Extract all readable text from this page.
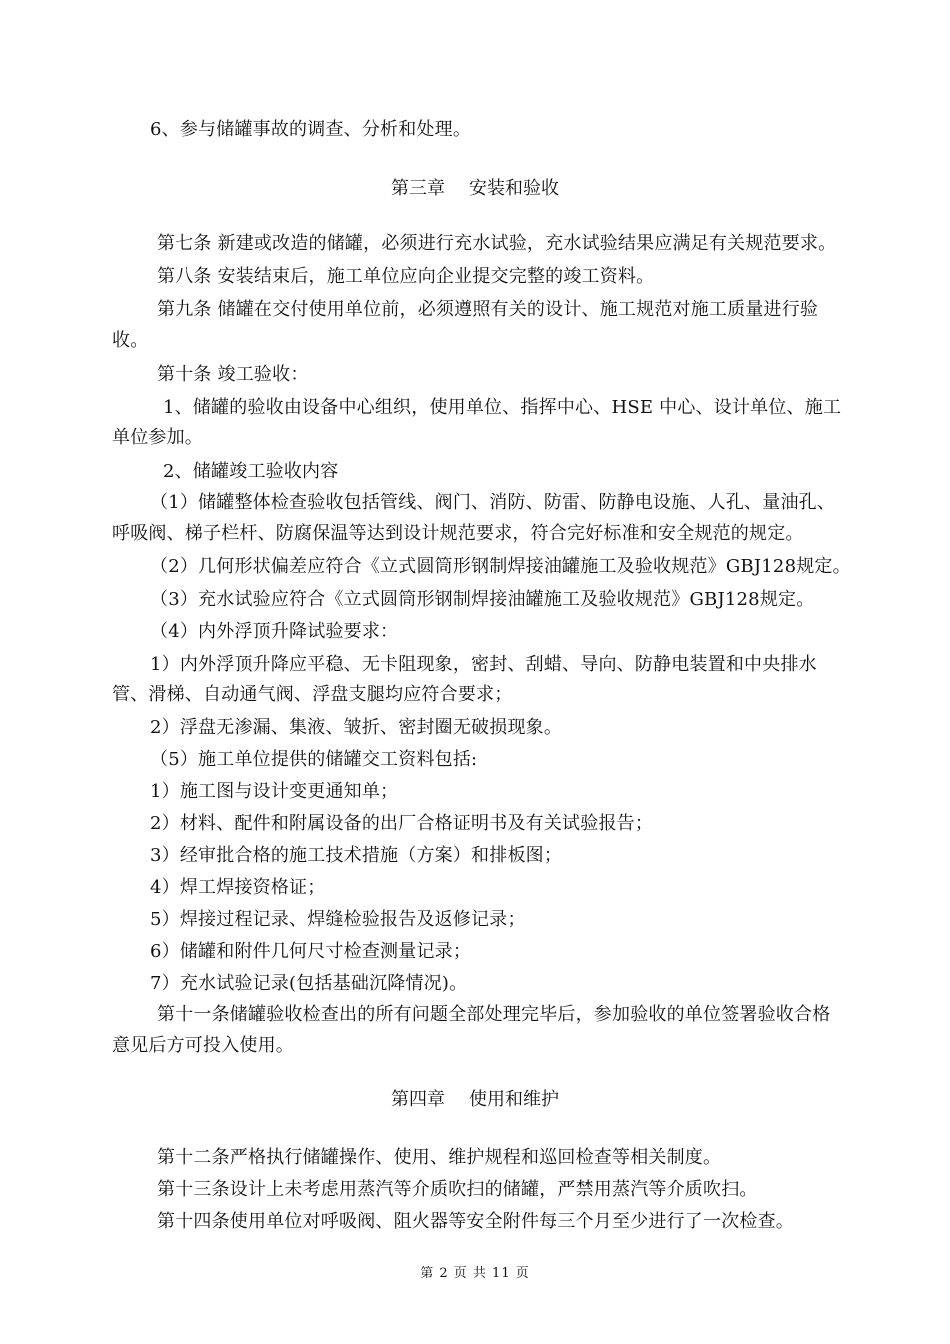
6、参与储罐事故的调查、分析和处理。
第三章 安装和验收
第七条 新建或改造的储罐，必须进行充水试验，充水试验结果应满足有关规范要求。
第八条 安装结束后，施工单位应向企业提交完整的竣工资料。
第九条 储罐在交付使用单位前，必须遵照有关的设计、施工规范对施工质量进行验
收。
第十条 竣工验收：
1、储罐的验收由设备中心组织，使用单位、指挥中心、HSE 中心、设计单位、施工
单位参加。
2、储罐竣工验收内容
（1）储罐整体检查验收包括管线、阀门、消防、防雷、防静电设施、人孔、量油孔、
呼吸阀、梯子栏杆、防腐保温等达到设计规范要求，符合完好标准和安全规范的规定。
（2）几何形状偏差应符合《立式圆筒形钢制焊接油罐施工及验收规范》GBJ128规定。
（3）充水试验应符合《立式圆筒形钢制焊接油罐施工及验收规范》GBJ128规定。
（4）内外浮顶升降试验要求：
1）内外浮顶升降应平稳、无卡阻现象，密封、刮蜡、导向、防静电装置和中央排水
管、滑梯、自动通气阀、浮盘支腿均应符合要求；
2）浮盘无渗漏、集液、皱折、密封圈无破损现象。
（5）施工单位提供的储罐交工资料包括:
1）施工图与设计变更通知单；
2）材料、配件和附属设备的出厂合格证明书及有关试验报告；
3）经审批合格的施工技术措施（方案）和排板图；
4）焊工焊接资格证；
5）焊接过程记录、焊缝检验报告及返修记录；
6）储罐和附件几何尺寸检查测量记录；
7）充水试验记录(包括基础沉降情况)。
第十一条储罐验收检查出的所有问题全部处理完毕后，参加验收的单位签署验收合格
意见后方可投入使用。
第四章 使用和维护
第十二条严格执行储罐操作、使用、维护规程和巡回检查等相关制度。
第十三条设计上未考虑用蒸汽等介质吹扫的储罐，严禁用蒸汽等介质吹扫。
第十四条使用单位对呼吸阀、阻火器等安全附件每三个月至少进行了一次检查。
第 2 页 共 11 页
